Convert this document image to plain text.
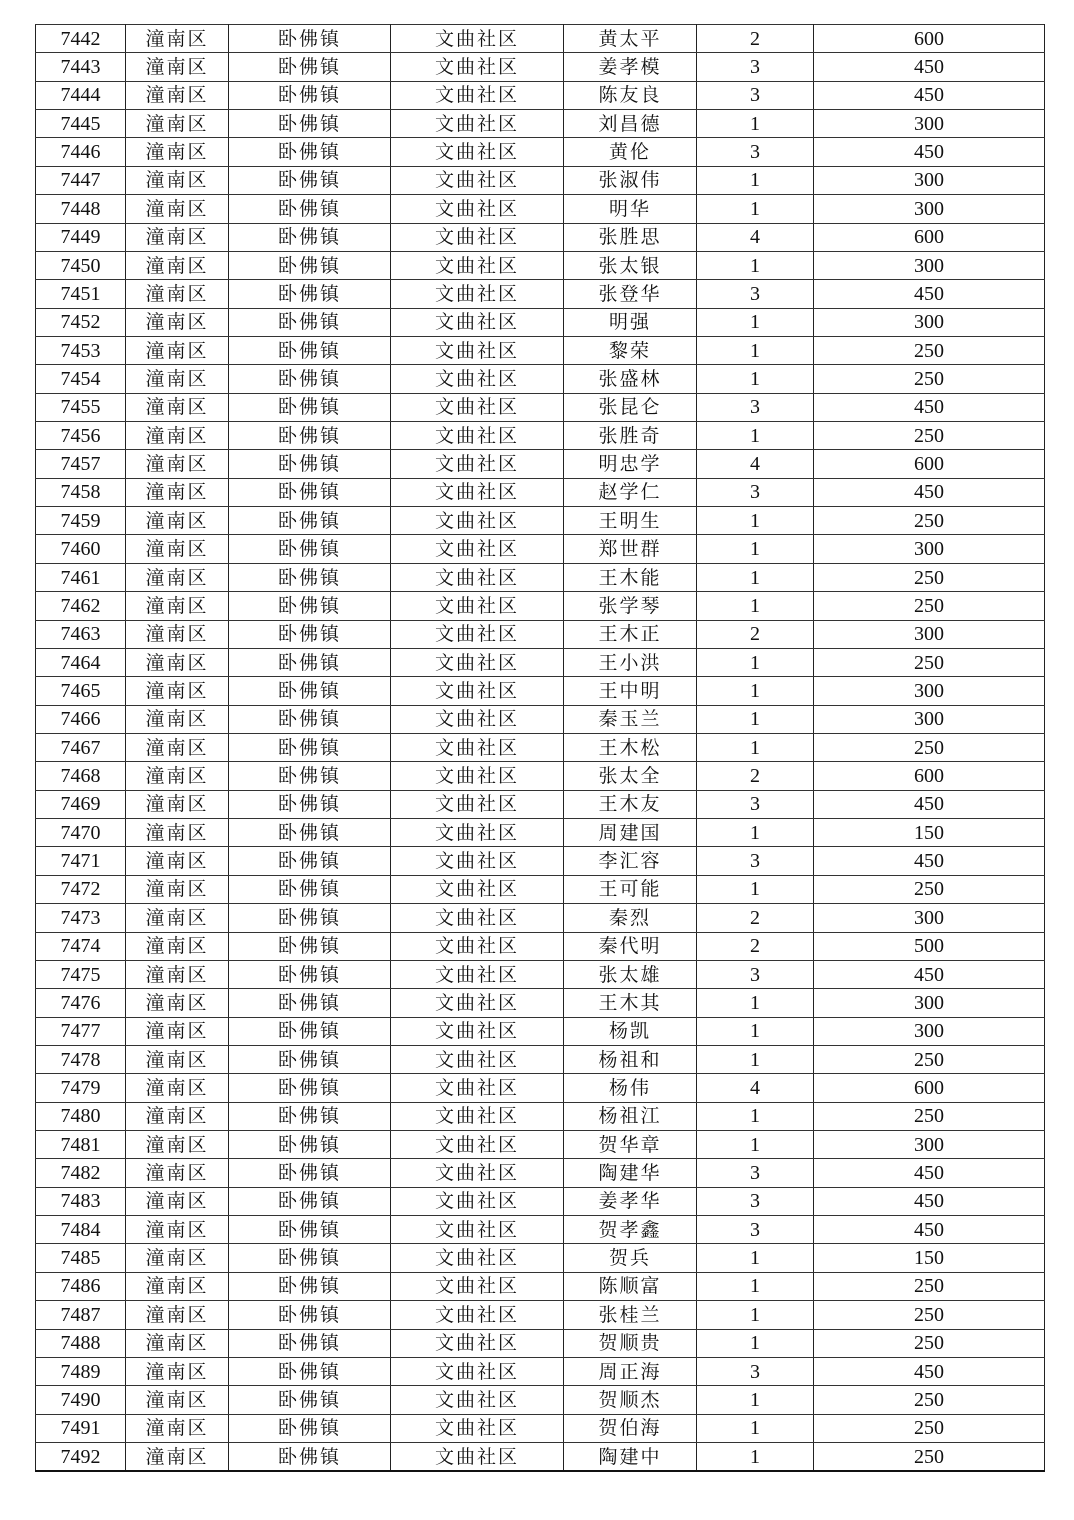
7442	潼南区	卧佛镇	文曲社区	黄太平	2	600
7443	潼南区	卧佛镇	文曲社区	姜孝模	3	450
7444	潼南区	卧佛镇	文曲社区	陈友良	3	450
7445	潼南区	卧佛镇	文曲社区	刘昌德	1	300
7446	潼南区	卧佛镇	文曲社区	黄伦	3	450
7447	潼南区	卧佛镇	文曲社区	张淑伟	1	300
7448	潼南区	卧佛镇	文曲社区	明华	1	300
7449	潼南区	卧佛镇	文曲社区	张胜思	4	600
7450	潼南区	卧佛镇	文曲社区	张太银	1	300
7451	潼南区	卧佛镇	文曲社区	张登华	3	450
7452	潼南区	卧佛镇	文曲社区	明强	1	300
7453	潼南区	卧佛镇	文曲社区	黎荣	1	250
7454	潼南区	卧佛镇	文曲社区	张盛林	1	250
7455	潼南区	卧佛镇	文曲社区	张昆仑	3	450
7456	潼南区	卧佛镇	文曲社区	张胜奇	1	250
7457	潼南区	卧佛镇	文曲社区	明忠学	4	600
7458	潼南区	卧佛镇	文曲社区	赵学仁	3	450
7459	潼南区	卧佛镇	文曲社区	王明生	1	250
7460	潼南区	卧佛镇	文曲社区	郑世群	1	300
7461	潼南区	卧佛镇	文曲社区	王木能	1	250
7462	潼南区	卧佛镇	文曲社区	张学琴	1	250
7463	潼南区	卧佛镇	文曲社区	王木正	2	300
7464	潼南区	卧佛镇	文曲社区	王小洪	1	250
7465	潼南区	卧佛镇	文曲社区	王中明	1	300
7466	潼南区	卧佛镇	文曲社区	秦玉兰	1	300
7467	潼南区	卧佛镇	文曲社区	王木松	1	250
7468	潼南区	卧佛镇	文曲社区	张太全	2	600
7469	潼南区	卧佛镇	文曲社区	王木友	3	450
7470	潼南区	卧佛镇	文曲社区	周建国	1	150
7471	潼南区	卧佛镇	文曲社区	李汇容	3	450
7472	潼南区	卧佛镇	文曲社区	王可能	1	250
7473	潼南区	卧佛镇	文曲社区	秦烈	2	300
7474	潼南区	卧佛镇	文曲社区	秦代明	2	500
7475	潼南区	卧佛镇	文曲社区	张太雄	3	450
7476	潼南区	卧佛镇	文曲社区	王木其	1	300
7477	潼南区	卧佛镇	文曲社区	杨凯	1	300
7478	潼南区	卧佛镇	文曲社区	杨祖和	1	250
7479	潼南区	卧佛镇	文曲社区	杨伟	4	600
7480	潼南区	卧佛镇	文曲社区	杨祖江	1	250
7481	潼南区	卧佛镇	文曲社区	贺华章	1	300
7482	潼南区	卧佛镇	文曲社区	陶建华	3	450
7483	潼南区	卧佛镇	文曲社区	姜孝华	3	450
7484	潼南区	卧佛镇	文曲社区	贺孝鑫	3	450
7485	潼南区	卧佛镇	文曲社区	贺兵	1	150
7486	潼南区	卧佛镇	文曲社区	陈顺富	1	250
7487	潼南区	卧佛镇	文曲社区	张桂兰	1	250
7488	潼南区	卧佛镇	文曲社区	贺顺贵	1	250
7489	潼南区	卧佛镇	文曲社区	周正海	3	450
7490	潼南区	卧佛镇	文曲社区	贺顺杰	1	250
7491	潼南区	卧佛镇	文曲社区	贺伯海	1	250
7492	潼南区	卧佛镇	文曲社区	陶建中	1	250
